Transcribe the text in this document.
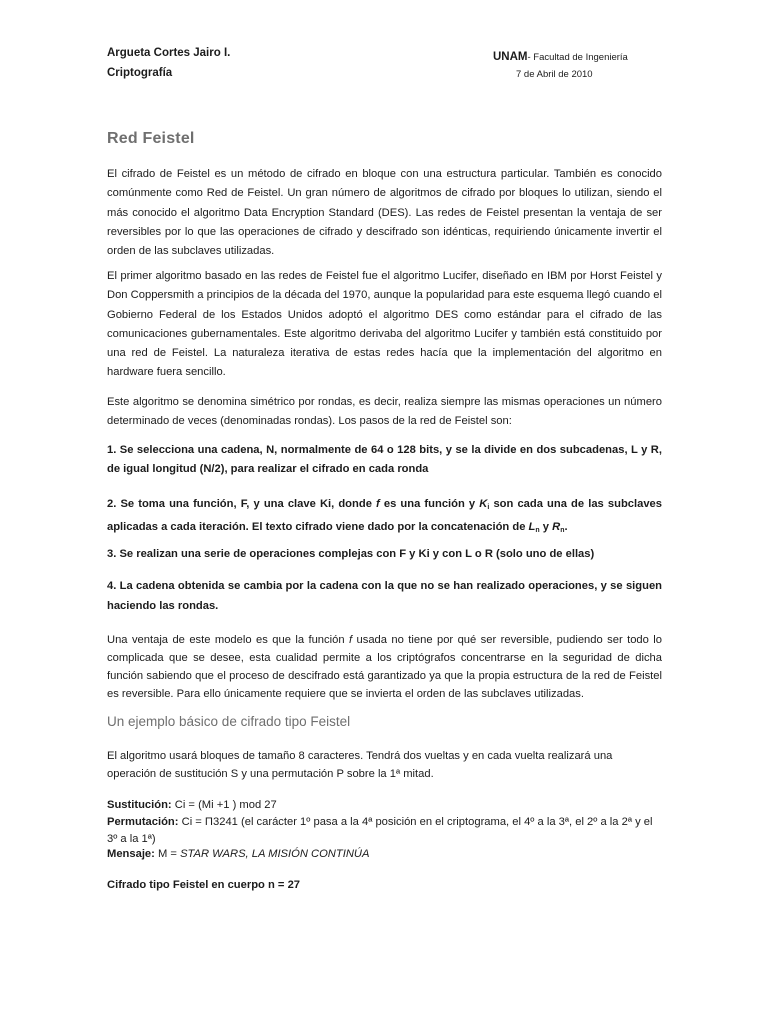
Argueta Cortes Jairo I.
Criptografía
UNAM- Facultad de Ingeniería
7 de Abril de 2010
Red Feistel
El cifrado de Feistel es un método de cifrado en bloque con una estructura particular. También es conocido comúnmente como Red de Feistel. Un gran número de algoritmos de cifrado por bloques lo utilizan, siendo el más conocido el algoritmo Data Encryption Standard (DES). Las redes de Feistel presentan la ventaja de ser reversibles por lo que las operaciones de cifrado y descifrado son idénticas, requiriendo únicamente invertir el orden de las subclaves utilizadas.
El primer algoritmo basado en las redes de Feistel fue el algoritmo Lucifer, diseñado en IBM por Horst Feistel y Don Coppersmith a principios de la década del 1970, aunque la popularidad para este esquema llegó cuando el Gobierno Federal de los Estados Unidos adoptó el algoritmo DES como estándar para el cifrado de las comunicaciones gubernamentales. Este algoritmo derivaba del algoritmo Lucifer y también está constituido por una red de Feistel. La naturaleza iterativa de estas redes hacía que la implementación del algoritmo en hardware fuera sencillo.
Este algoritmo se denomina simétrico por rondas, es decir, realiza siempre las mismas operaciones un número determinado de veces (denominadas rondas). Los pasos de la red de Feistel son:
1. Se selecciona una cadena, N, normalmente de 64 o 128 bits, y se la divide en dos subcadenas, L y R, de igual longitud (N/2), para realizar el cifrado en cada ronda
2. Se toma una función, F, y una clave Ki, donde f es una función y $K_i$ son cada una de las subclaves aplicadas a cada iteración. El texto cifrado viene dado por la concatenación de $L_n$ y $R_n$.
3. Se realizan una serie de operaciones complejas con F y Ki y con L o R (solo uno de ellas)
4. La cadena obtenida se cambia por la cadena con la que no se han realizado operaciones, y se siguen haciendo las rondas.
Una ventaja de este modelo es que la función f usada no tiene por qué ser reversible, pudiendo ser todo lo complicada que se desee, esta cualidad permite a los criptógrafos concentrarse en la seguridad de dicha función sabiendo que el proceso de descifrado está garantizado ya que la propia estructura de la red de Feistel es reversible. Para ello únicamente requiere que se invierta el orden de las subclaves utilizadas.
Un ejemplo básico de cifrado tipo Feistel
El algoritmo usará bloques de tamaño 8 caracteres. Tendrá dos vueltas y en cada vuelta realizará una
operación de sustitución S y una permutación P sobre la 1ª mitad.
Sustitución: Ci = (Mi +1 ) mod 27
Permutación: Ci = Π3241 (el carácter 1º pasa a la 4ª posición en el criptograma, el 4º a la 3ª, el 2º a la 2ª y el
3º a la 1ª)
Mensaje: M = STAR WARS, LA MISIÓN CONTINÚA
Cifrado tipo Feistel en cuerpo n = 27
